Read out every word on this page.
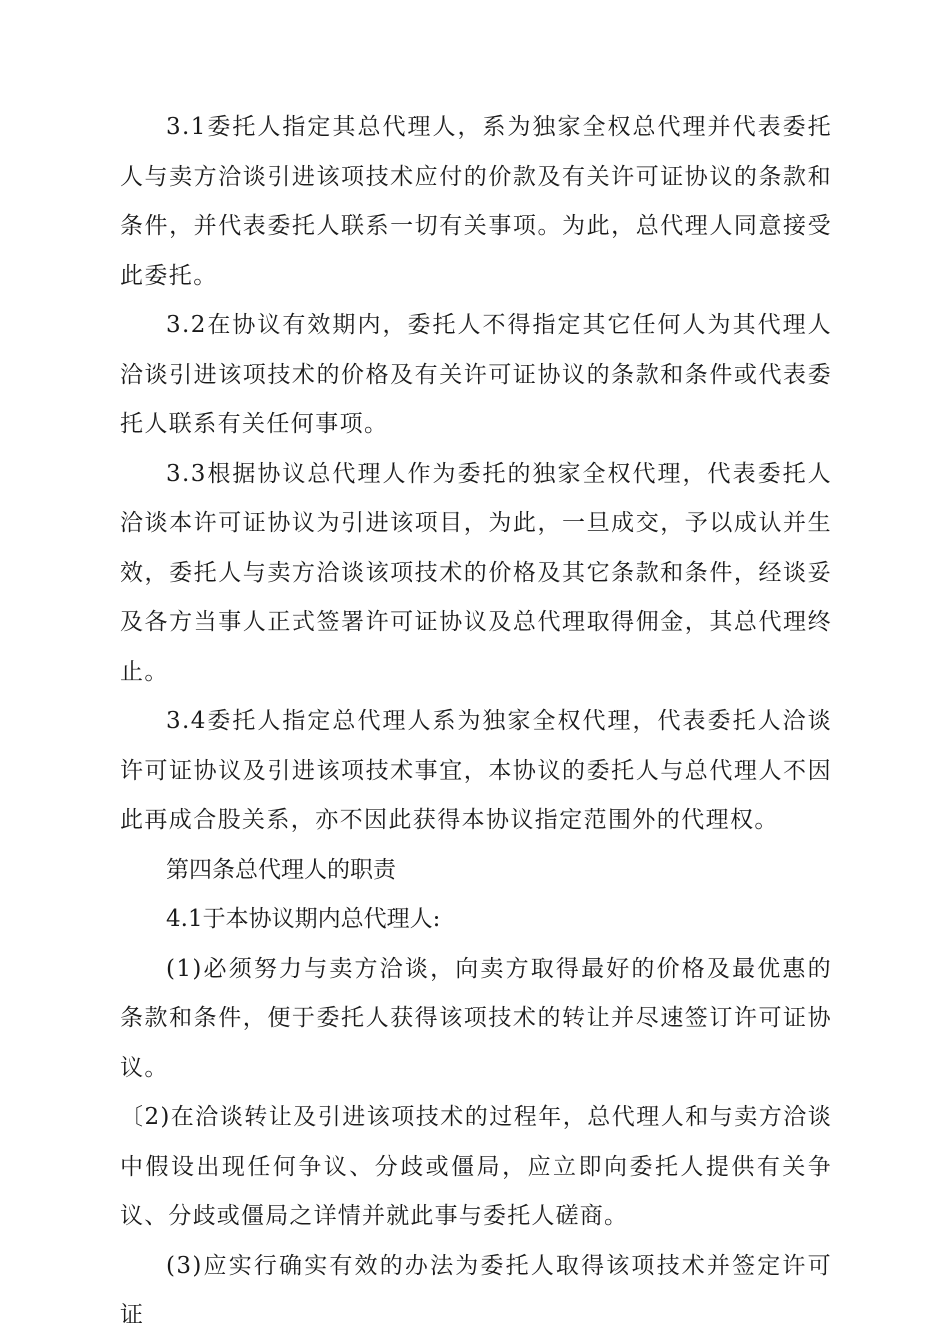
3.1委托人指定其总代理人，系为独家全权总代理并代表委托人与卖方洽谈引进该项技术应付的价款及有关许可证协议的条款和条件，并代表委托人联系一切有关事项。为此，总代理人同意接受此委托。

3.2在协议有效期内，委托人不得指定其它任何人为其代理人洽谈引进该项技术的价格及有关许可证协议的条款和条件或代表委托人联系有关任何事项。

3.3根据协议总代理人作为委托的独家全权代理，代表委托人洽谈本许可证协议为引进该项目，为此，一旦成交，予以成认并生效，委托人与卖方洽谈该项技术的价格及其它条款和条件，经谈妥及各方当事人正式签署许可证协议及总代理取得佣金，其总代理终止。

3.4委托人指定总代理人系为独家全权代理，代表委托人洽谈许可证协议及引进该项技术事宜，本协议的委托人与总代理人不因此再成合股关系，亦不因此获得本协议指定范围外的代理权。

第四条总代理人的职责

4.1于本协议期内总代理人:

(1)必须努力与卖方洽谈，向卖方取得最好的价格及最优惠的条款和条件，便于委托人获得该项技术的转让并尽速签订许可证协议。

〔2)在洽谈转让及引进该项技术的过程年，总代理人和与卖方洽谈中假设出现任何争议、分歧或僵局，应立即向委托人提供有关争议、分歧或僵局之详情并就此事与委托人磋商。

(3)应实行确实有效的办法为委托人取得该项技术并签定许可证
